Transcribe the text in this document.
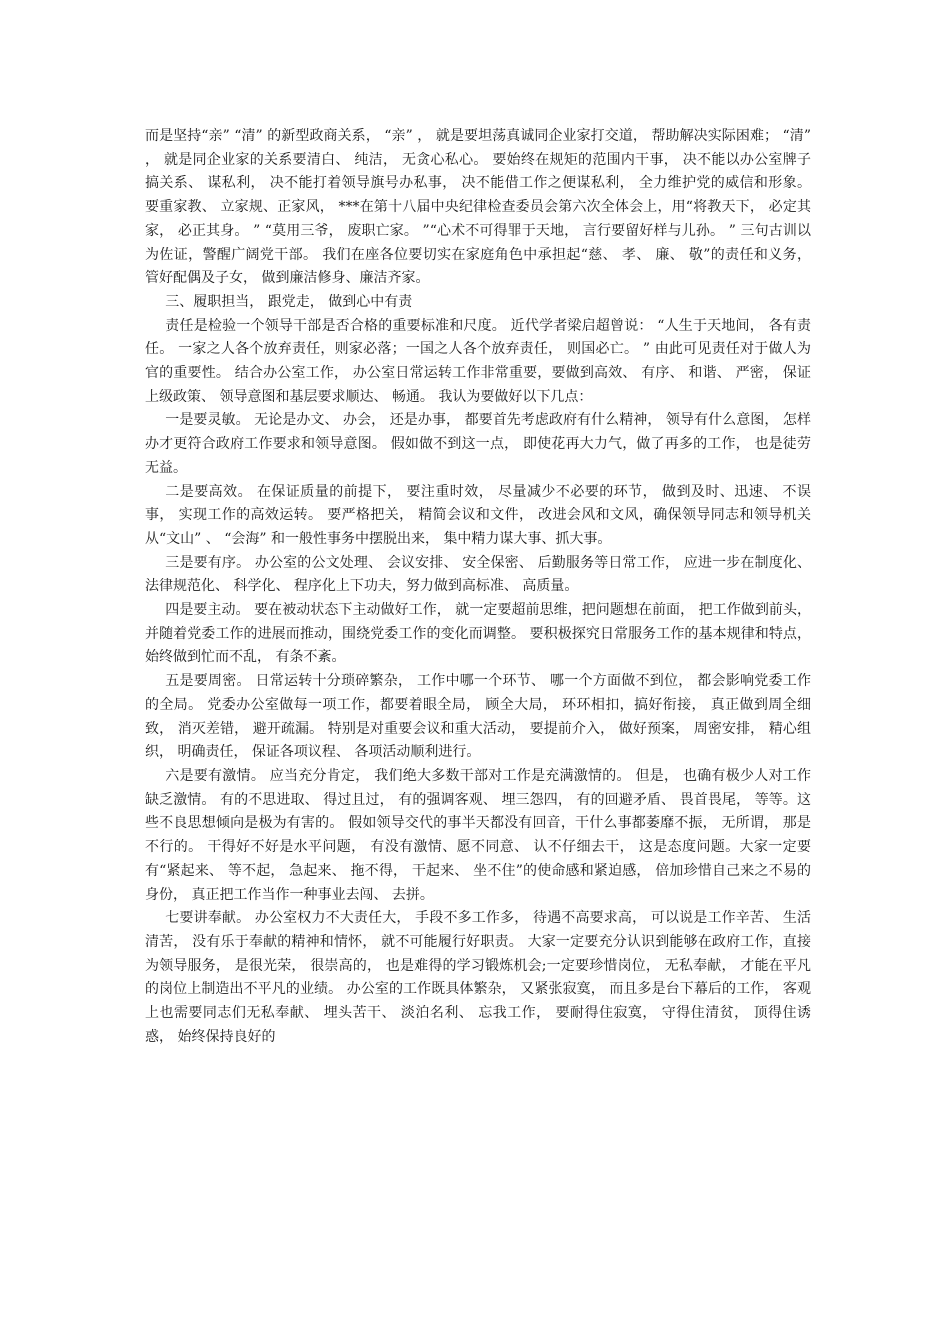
而是坚持“亲” “清” 的新型政商关系， “亲” ， 就是要坦荡真诚同企业家打交道， 帮助解决实际困难； “清” ， 就是同企业家的关系要清白、 纯洁， 无贪心私心。 要始终在规矩的范围内干事， 决不能以办公室牌子搞关系、 谋私利， 决不能打着领导旗号办私事， 决不能借工作之便谋私利， 全力维护党的威信和形象。 要重家教、 立家规、正家风， ***在第十八届中央纪律检查委员会第六次全体会上，用“将教天下， 必定其家， 必正其身。 ” “莫用三爷， 废职亡家。 ”“心术不可得罪于天地， 言行要留好样与儿孙。 ” 三句古训以为佐证，警醒广阔党干部。 我们在座各位要切实在家庭角色中承担起“慈、 孝、 廉、 敬”的责任和义务， 管好配偶及子女， 做到廉洁修身、廉洁齐家。

三、履职担当， 跟党走， 做到心中有责

责任是检验一个领导干部是否合格的重要标准和尺度。 近代学者梁启超曾说： “人生于天地间， 各有责任。 一家之人各个放弃责任，则家必落；一国之人各个放弃责任， 则国必亡。 ” 由此可见责任对于做人为官的重要性。 结合办公室工作， 办公室日常运转工作非常重要，要做到高效、 有序、 和谐、 严密， 保证上级政策、 领导意图和基层要求顺达、 畅通。 我认为要做好以下几点：

一是要灵敏。 无论是办文、 办会， 还是办事， 都要首先考虑政府有什么精神， 领导有什么意图， 怎样办才更符合政府工作要求和领导意图。 假如做不到这一点， 即使花再大力气，做了再多的工作， 也是徒劳无益。

二是要高效。 在保证质量的前提下， 要注重时效， 尽量减少不必要的环节， 做到及时、迅速、 不误事， 实现工作的高效运转。 要严格把关， 精简会议和文件， 改进会风和文风，确保领导同志和领导机关从“文山” 、 “会海” 和一般性事务中摆脱出来， 集中精力谋大事、抓大事。

三是要有序。 办公室的公文处理、 会议安排、 安全保密、 后勤服务等日常工作， 应进一步在制度化、 法律规范化、 科学化、 程序化上下功夫，努力做到高标准、 高质量。

四是要主动。 要在被动状态下主动做好工作， 就一定要超前思维，把问题想在前面， 把工作做到前头， 并随着党委工作的进展而推动，围绕党委工作的变化而调整。 要积极探究日常服务工作的基本规律和特点， 始终做到忙而不乱， 有条不紊。

五是要周密。 日常运转十分琐碎繁杂， 工作中哪一个环节、 哪一个方面做不到位， 都会影响党委工作的全局。 党委办公室做每一项工作，都要着眼全局， 顾全大局， 环环相扣，搞好衔接， 真正做到周全细致， 消灭差错， 避开疏漏。 特别是对重要会议和重大活动， 要提前介入， 做好预案， 周密安排， 精心组织， 明确责任， 保证各项议程、 各项活动顺利进行。

六是要有激情。 应当充分肯定， 我们绝大多数干部对工作是充满激情的。 但是， 也确有极少人对工作缺乏激情。 有的不思进取、 得过且过， 有的强调客观、 埋三怨四， 有的回避矛盾、 畏首畏尾， 等等。这些不良思想倾向是极为有害的。 假如领导交代的事半天都没有回音，干什么事都萎靡不振， 无所谓， 那是不行的。 干得好不好是水平问题， 有没有激情、愿不同意、 认不仔细去干， 这是态度问题。大家一定要有“紧起来、 等不起， 急起来、 拖不得， 干起来、 坐不住”的使命感和紧迫感， 倍加珍惜自己来之不易的身份， 真正把工作当作一种事业去闯、 去拼。

七要讲奉献。 办公室权力不大责任大， 手段不多工作多， 待遇不高要求高， 可以说是工作辛苦、 生活清苦， 没有乐于奉献的精神和情怀， 就不可能履行好职责。 大家一定要充分认识到能够在政府工作，直接为领导服务， 是很光荣， 很崇高的， 也是难得的学习锻炼机会;一定要珍惜岗位， 无私奉献， 才能在平凡的岗位上制造出不平凡的业绩。 办公室的工作既具体繁杂， 又紧张寂寞， 而且多是台下幕后的工作， 客观上也需要同志们无私奉献、 埋头苦干、 淡泊名利、 忘我工作， 要耐得住寂寞， 守得住清贫， 顶得住诱惑， 始终保持良好的
